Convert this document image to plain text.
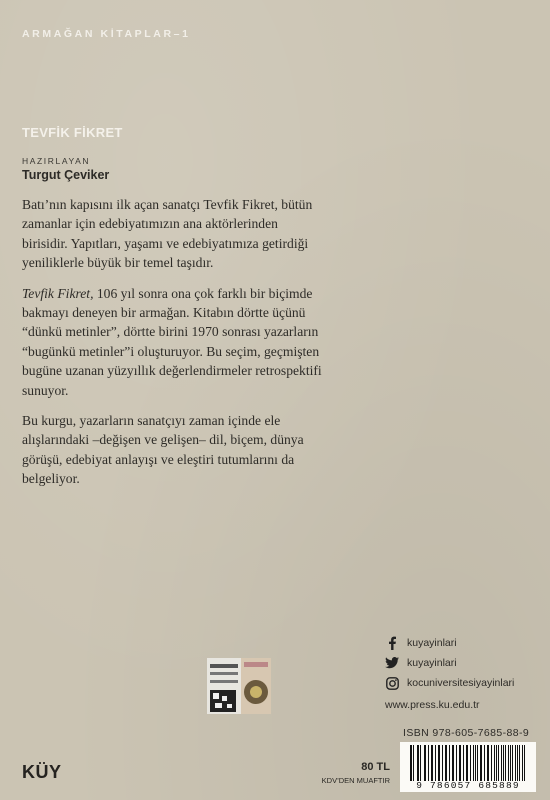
ARMAĞAN KİTAPLAR–1
TEVFİK FİKRET
HAZIRLAYAN
Turgut Çeviker

Batı’nın kapısını ilk açan sanatçı Tevfik Fikret, bütün zamanlar için edebiyatımızın ana aktörlerinden birisidir. Yapıtları, yaşamı ve edebiyatımıza getirdiği yeniliklerle büyük bir temel taşıdır.

Tevfik Fikret, 106 yıl sonra ona çok farklı bir biçimde bakmayı deneyen bir armağan. Kitabın dörtte üçünü “dünkü metinler”, dörtte birini 1970 sonrası yazarların “bugünkü metinler”i oluşturuyor. Bu seçim, geçmişten bugüne uzanan yüzyıllık değerlendirmeler retrospektifi sunuyor.

Bu kurgu, yazarların sanatçıyı zaman içinde ele alışlarındaki –değişen ve gelişen– dil, biçem, dünya görüşü, edebiyat anlayışı ve eleştiri tutumlarını da belgeliyor.

kuyayinlari
kuyayinlari
kocuniversitesiyayinlari
www.press.ku.edu.tr
ISBN 978-605-7685-88-9
9 786057 685889
80 TL
KDV’DEN MUAFTIR
KÜY
